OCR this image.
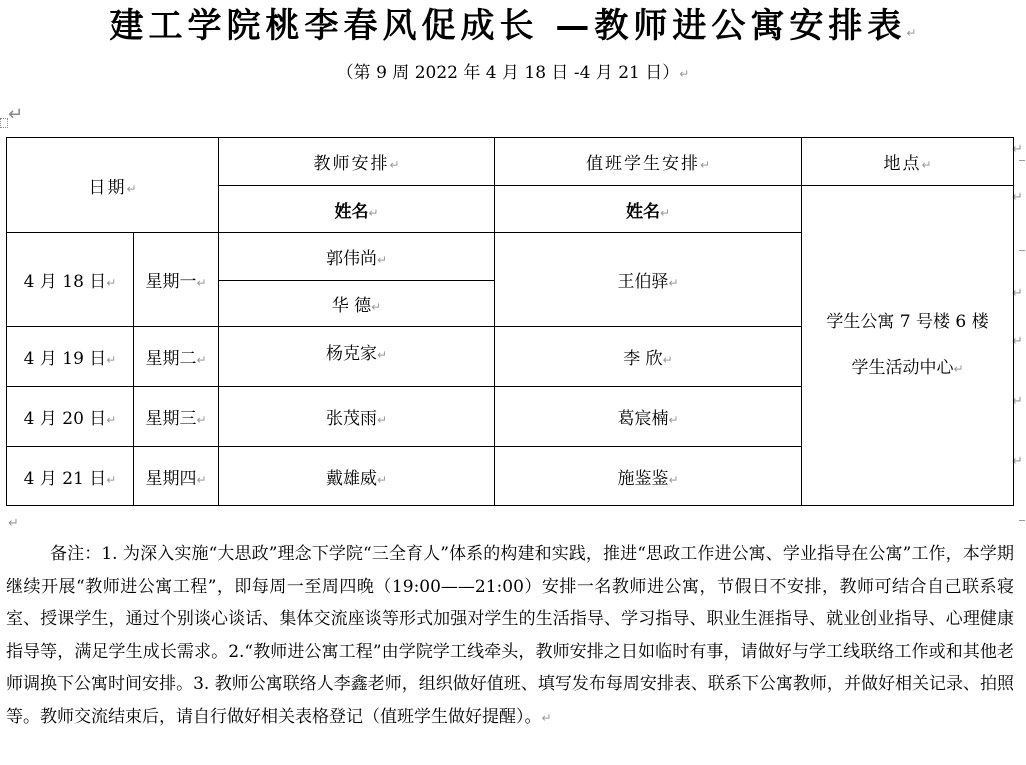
建工学院桃李春风促成长 —教师进公寓安排表↵
（第 9 周 2022 年 4 月 18 日 -4 月 21 日）↵
↵
↵
↵
↵
↵
↵
↵
日期↵		教师安排↵	值班学生安排↵	地点↵
		姓名↵	姓名↵	学生公寓 7 号楼 6 楼
学生活动中心↵

4 月 18 日↵	星期一↵	郭伟尚↵	王伯驿↵	
		华 德↵		
4 月 19 日↵	星期二↵	杨克家↵	李 欣↵	
4 月 20 日↵	星期三↵	张茂雨↵	葛宸楠↵	
4 月 21 日↵	星期四↵	戴雄威↵	施鉴鉴↵	
↵
备注：1. 为深入实施“大思政”理念下学院“三全育人”体系的构建和实践，推进“思政工作进公寓、学业指导在公寓”工作，本学期继续开展“教师进公寓工程”，即每周一至周四晚（19:00——21:00）安排一名教师进公寓，节假日不安排，教师可结合自己联系寝室、授课学生，通过个别谈心谈话、集体交流座谈等形式加强对学生的生活指导、学习指导、职业生涯指导、就业创业指导、心理健康指导等，满足学生成长需求。2.“教师进公寓工程”由学院学工线牵头，教师安排之日如临时有事，请做好与学工线联络工作或和其他老师调换下公寓时间安排。3. 教师公寓联络人李鑫老师，组织做好值班、填写发布每周安排表、联系下公寓教师，并做好相关记录、拍照等。教师交流结束后，请自行做好相关表格登记（值班学生做好提醒）。↵
